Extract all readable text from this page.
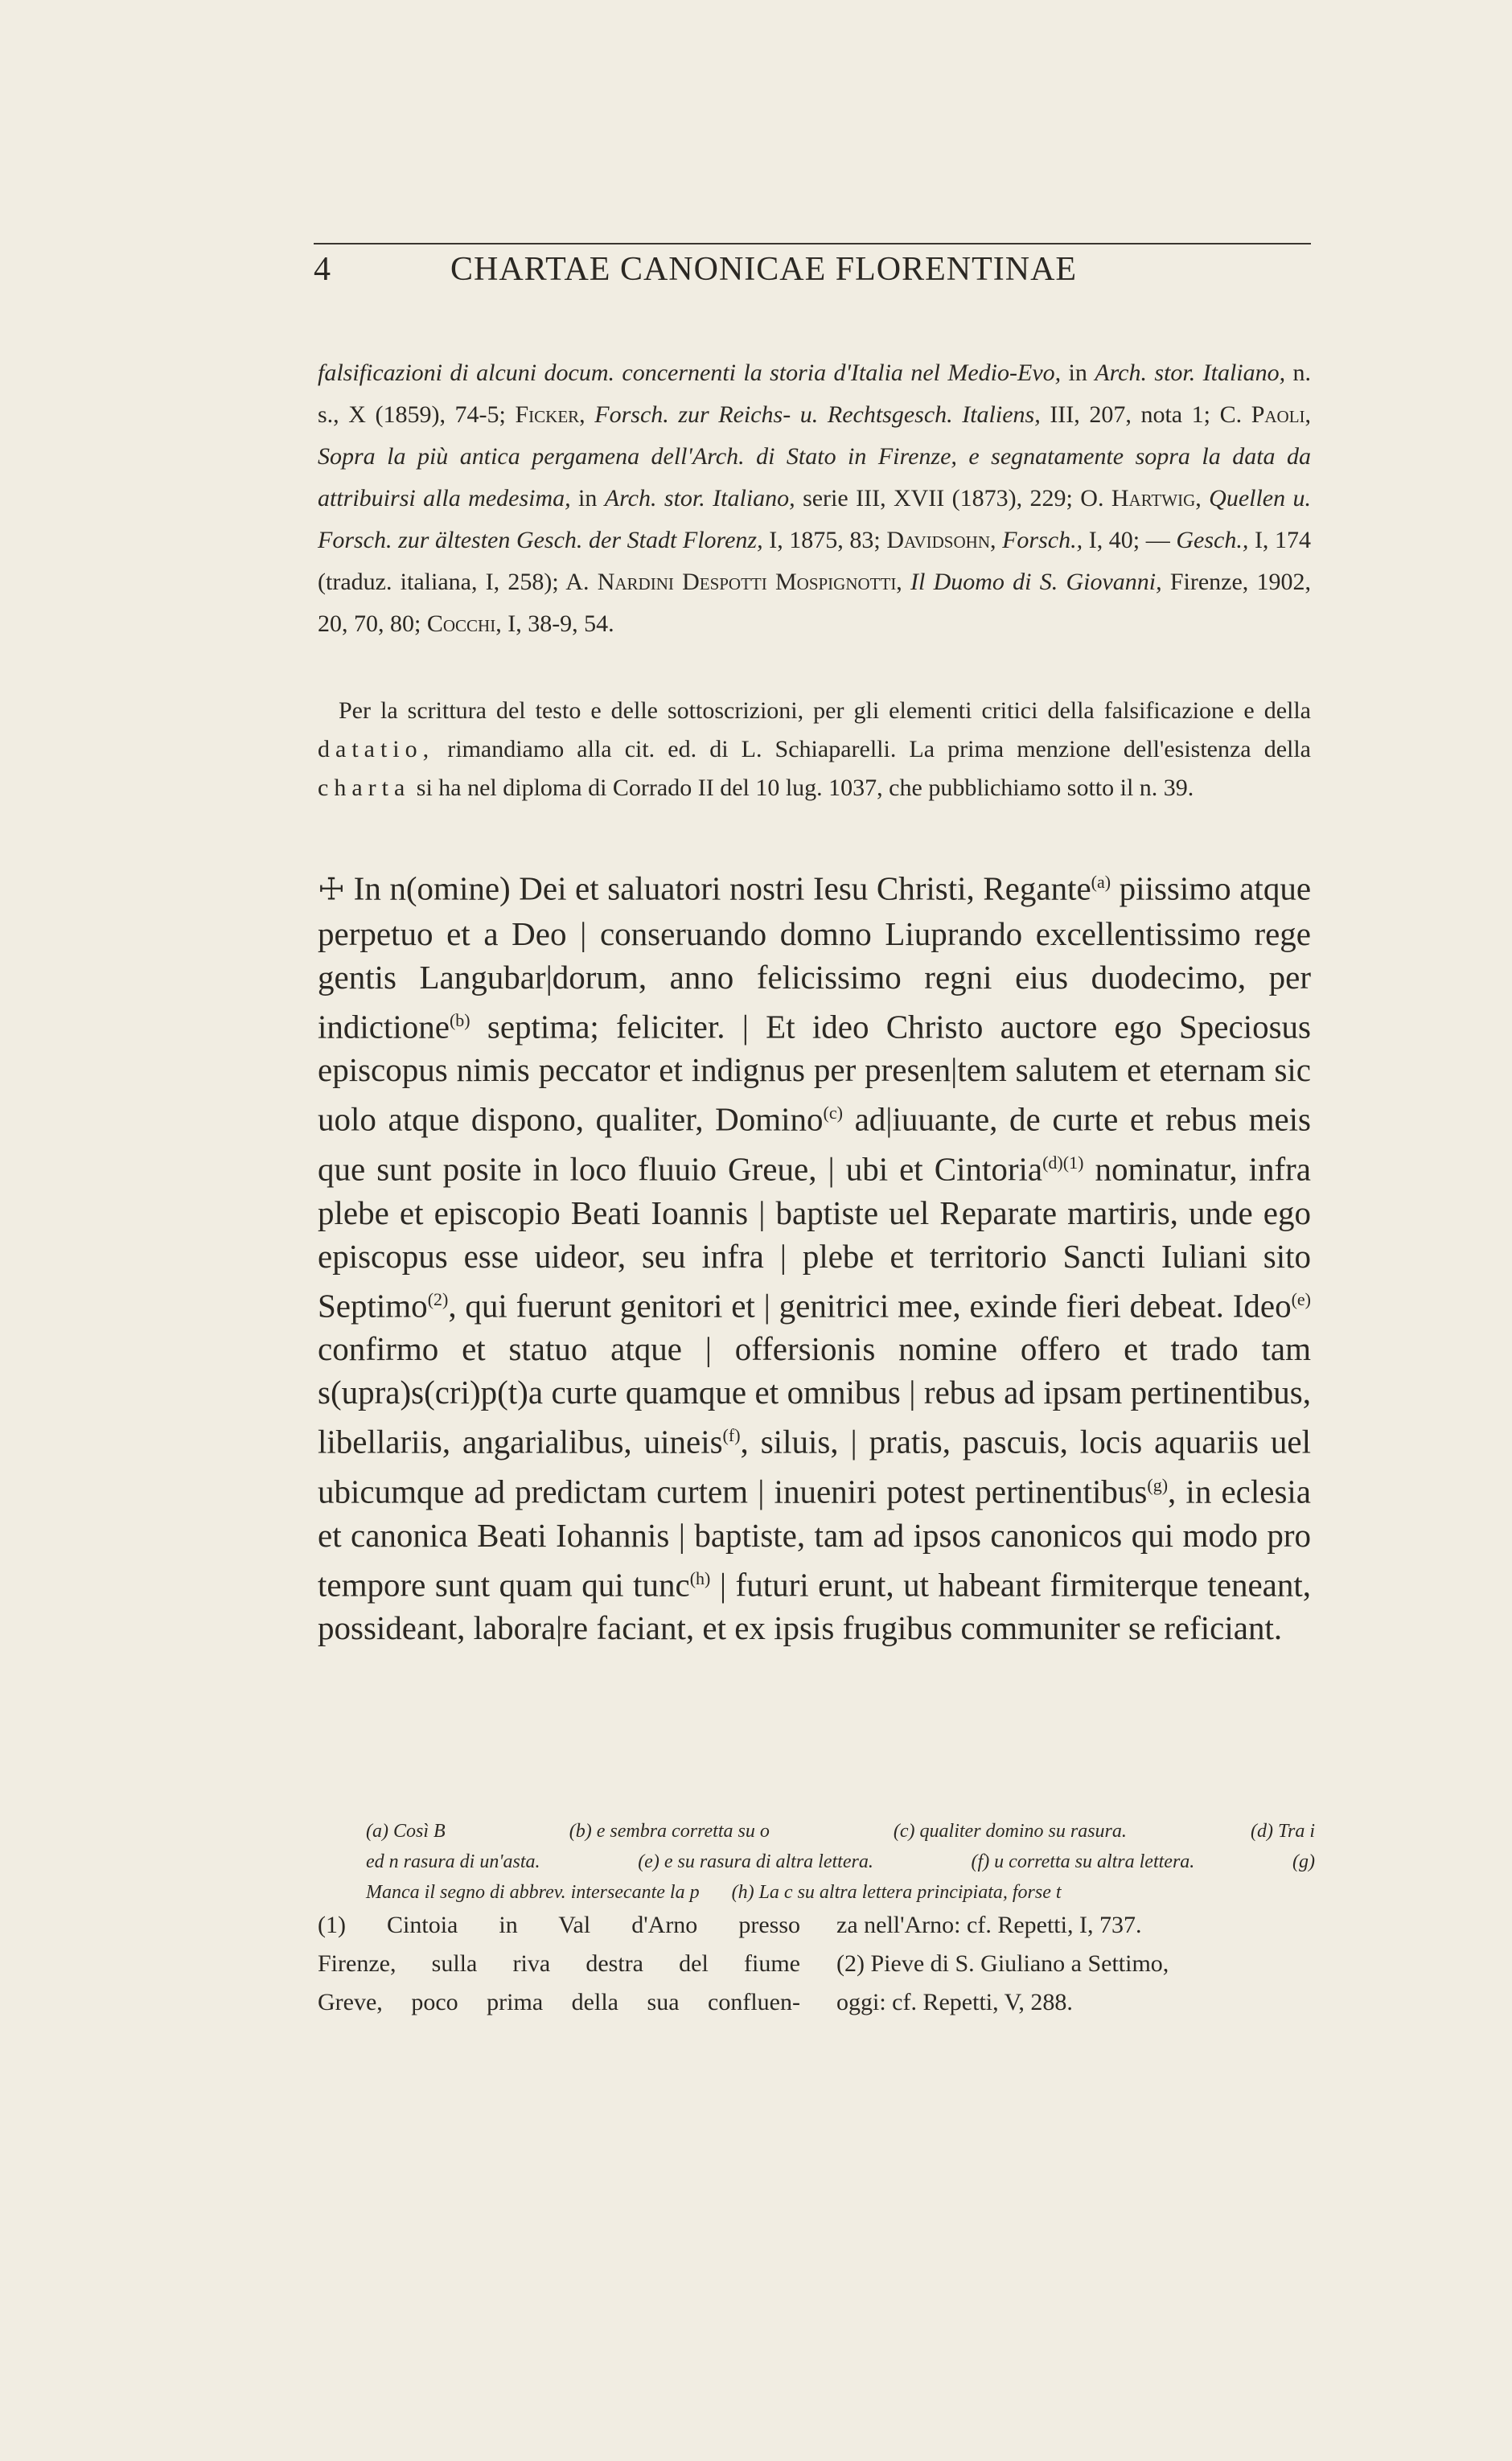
4	CHARTAE CANONICAE FLORENTINAE
falsificazioni di alcuni docum. concernenti la storia d'Italia nel Medio-Evo, in Arch. stor. Italiano, n. s., X (1859), 74-5; Ficker, Forsch. zur Reichs- u. Rechtsgesch. Italiens, III, 207, nota 1; C. Paoli, Sopra la più antica pergamena dell'Arch. di Stato in Firenze, e segnatamente sopra la data da attribuirsi alla medesima, in Arch. stor. Italiano, serie III, XVII (1873), 229; O. Hartwig, Quellen u. Forsch. zur ältesten Gesch. der Stadt Florenz, I, 1875, 83; Davidsohn, Forsch., I, 40; — Gesch., I, 174 (traduz. italiana, I, 258); A. Nardini Despotti Mospignotti, Il Duomo di S. Giovanni, Firenze, 1902, 20, 70, 80; Cocchi, I, 38-9, 54.
Per la scrittura del testo e delle sottoscrizioni, per gli elementi critici della falsificazione e della datatio, rimandiamo alla cit. ed. di L. Schiaparelli. La prima menzione dell'esistenza della charta si ha nel diploma di Corrado II del 10 lug. 1037, che pubblichiamo sotto il n. 39.
☩ In n(omine) Dei et saluatori nostri Iesu Christi, Regante$^{(a)}$ piissimo atque perpetuo et a Deo | conseruando domno Liuprando excellentissimo rege gentis Langubar|dorum, anno felicissimo regni eius duodecimo, per indictione$^{(b)}$ septima; feliciter. | Et ideo Christo auctore ego Speciosus episcopus nimis peccator et indignus per presen|tem salutem et eternam sic uolo atque dispono, qualiter, Domino$^{(c)}$ ad|iuuante, de curte et rebus meis que sunt posite in loco fluuio Greue, | ubi et Cintoria$^{(d)(1)}$ nominatur, infra plebe et episcopio Beati Ioannis | baptiste uel Reparate martiris, unde ego episcopus esse uideor, seu infra | plebe et territorio Sancti Iuliani sito Septimo$^{(2)}$, qui fuerunt genitori et | genitrici mee, exinde fieri debeat. Ideo$^{(e)}$ confirmo et statuo atque | offersionis nomine offero et trado tam s(upra)s(cri)p(t)a curte quamque et omnibus | rebus ad ipsam pertinentibus, libellariis, angarialibus, uineis$^{(f)}$, siluis, | pratis, pascuis, locis aquariis uel ubicumque ad predictam curtem | inueniri potest pertinentibus$^{(g)}$, in eclesia et canonica Beati Iohannis | baptiste, tam ad ipsos canonicos qui modo pro tempore sunt quam qui tunc$^{(h)}$ | futuri erunt, ut habeant firmiterque teneant, possideant, labora|re faciant, et ex ipsis frugibus communiter se reficiant.
(a) Così B	(b) e sembra corretta su o	(c) qualiter domino su rasura.	(d) Tra i
ed n rasura di un'asta.	(e) e su rasura di altra lettera.	(f) u corretta su altra lettera.	(g)
Manca il segno di abbrev. intersecante la p (h) La c su altra lettera principiata, forse t
(1) Cintoia in Val d'Arno presso
Firenze, sulla riva destra del fiume
Greve, poco prima della sua confluen-
za nell'Arno: cf. Repetti, I, 737.
(2) Pieve di S. Giuliano a Settimo,
oggi: cf. Repetti, V, 288.
